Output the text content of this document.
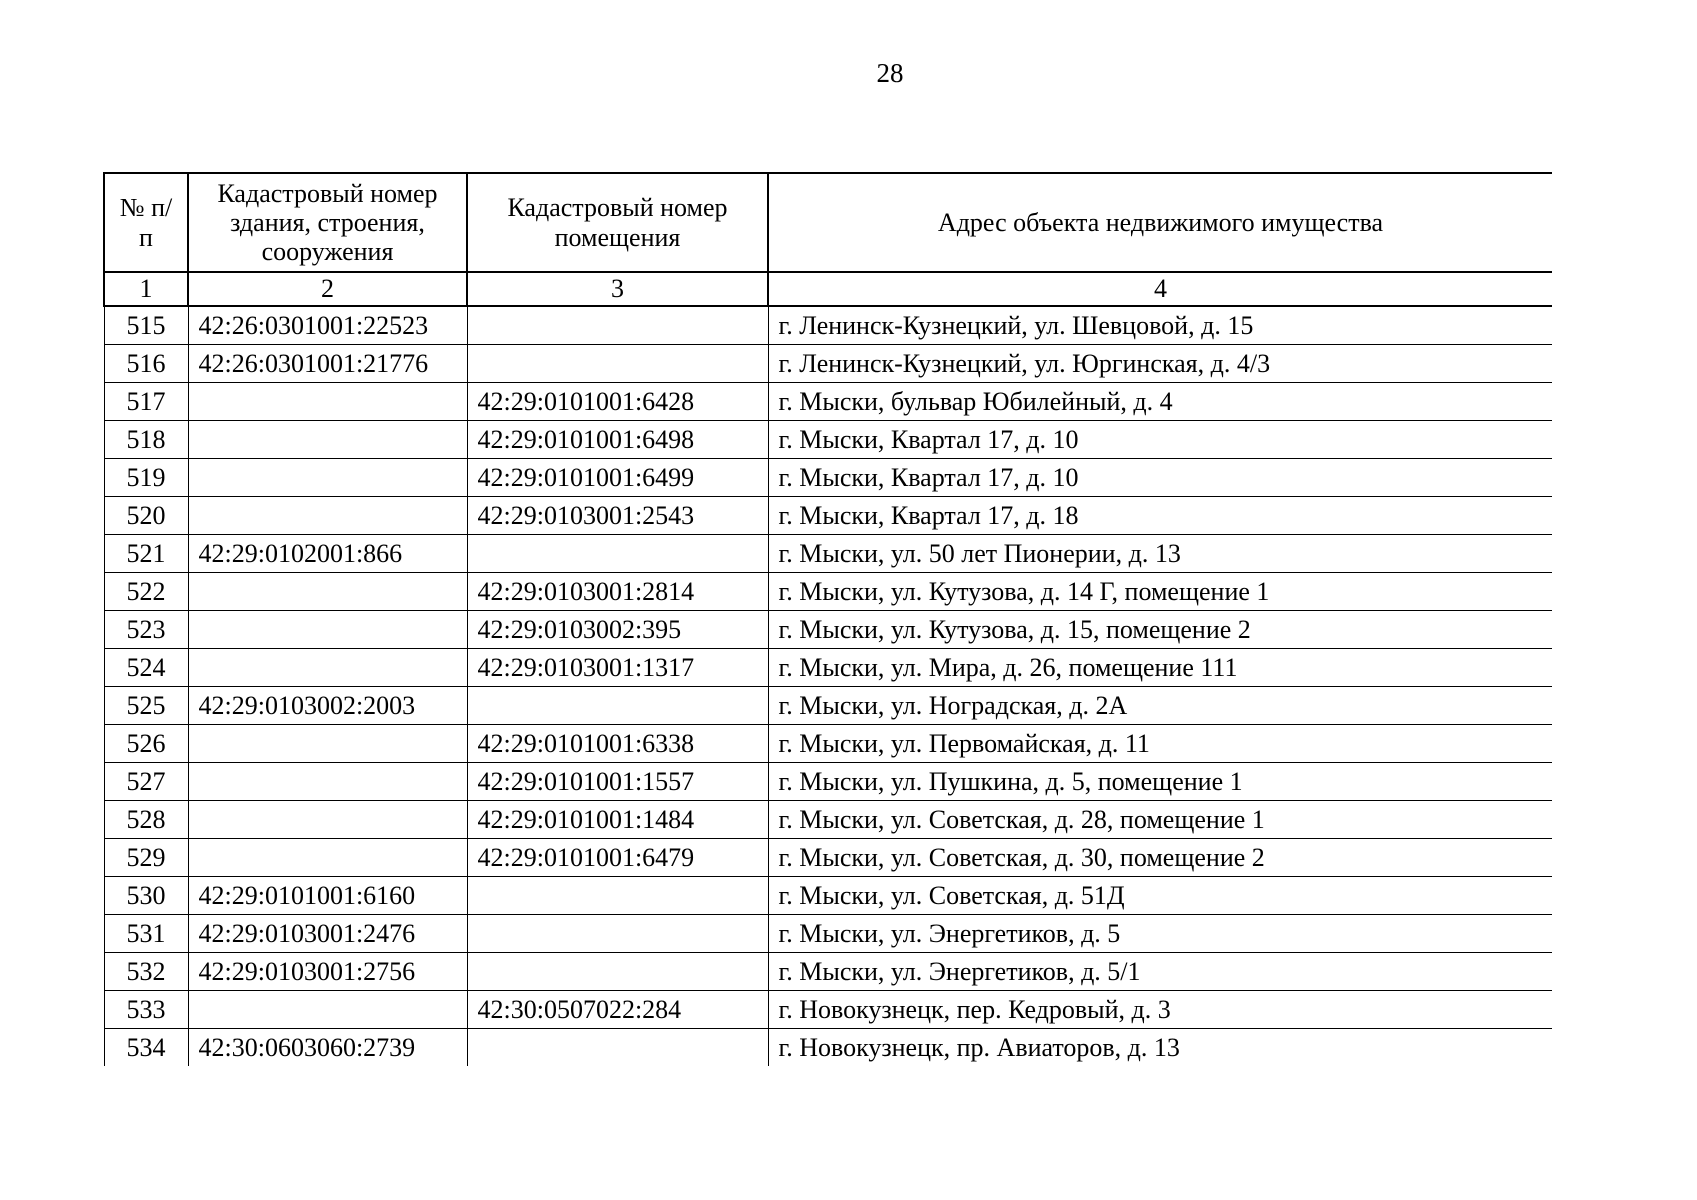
28
№ п/п	Кадастровый номер здания, строения, сооружения	Кадастровый номер помещения	Адрес объекта недвижимого имущества
1	2	3	4
515	42:26:0301001:22523		г. Ленинск-Кузнецкий, ул. Шевцовой, д. 15
516	42:26:0301001:21776		г. Ленинск-Кузнецкий, ул. Юргинская, д. 4/3
517		42:29:0101001:6428	г. Мыски, бульвар Юбилейный, д. 4
518		42:29:0101001:6498	г. Мыски, Квартал 17, д. 10
519		42:29:0101001:6499	г. Мыски, Квартал 17, д. 10
520		42:29:0103001:2543	г. Мыски, Квартал 17, д. 18
521	42:29:0102001:866		г. Мыски, ул. 50 лет Пионерии, д. 13
522		42:29:0103001:2814	г. Мыски, ул. Кутузова, д. 14 Г, помещение 1
523		42:29:0103002:395	г. Мыски, ул. Кутузова, д. 15, помещение 2
524		42:29:0103001:1317	г. Мыски, ул. Мира, д. 26, помещение 111
525	42:29:0103002:2003		г. Мыски, ул. Ноградская, д. 2А
526		42:29:0101001:6338	г. Мыски, ул. Первомайская, д. 11
527		42:29:0101001:1557	г. Мыски, ул. Пушкина, д. 5, помещение 1
528		42:29:0101001:1484	г. Мыски, ул. Советская, д. 28, помещение 1
529		42:29:0101001:6479	г. Мыски, ул. Советская, д. 30, помещение 2
530	42:29:0101001:6160		г. Мыски, ул. Советская, д. 51Д
531	42:29:0103001:2476		г. Мыски, ул. Энергетиков, д. 5
532	42:29:0103001:2756		г. Мыски, ул. Энергетиков, д. 5/1
533		42:30:0507022:284	г. Новокузнецк, пер. Кедровый, д. 3
534	42:30:0603060:2739		г. Новокузнецк, пр. Авиаторов, д. 13
